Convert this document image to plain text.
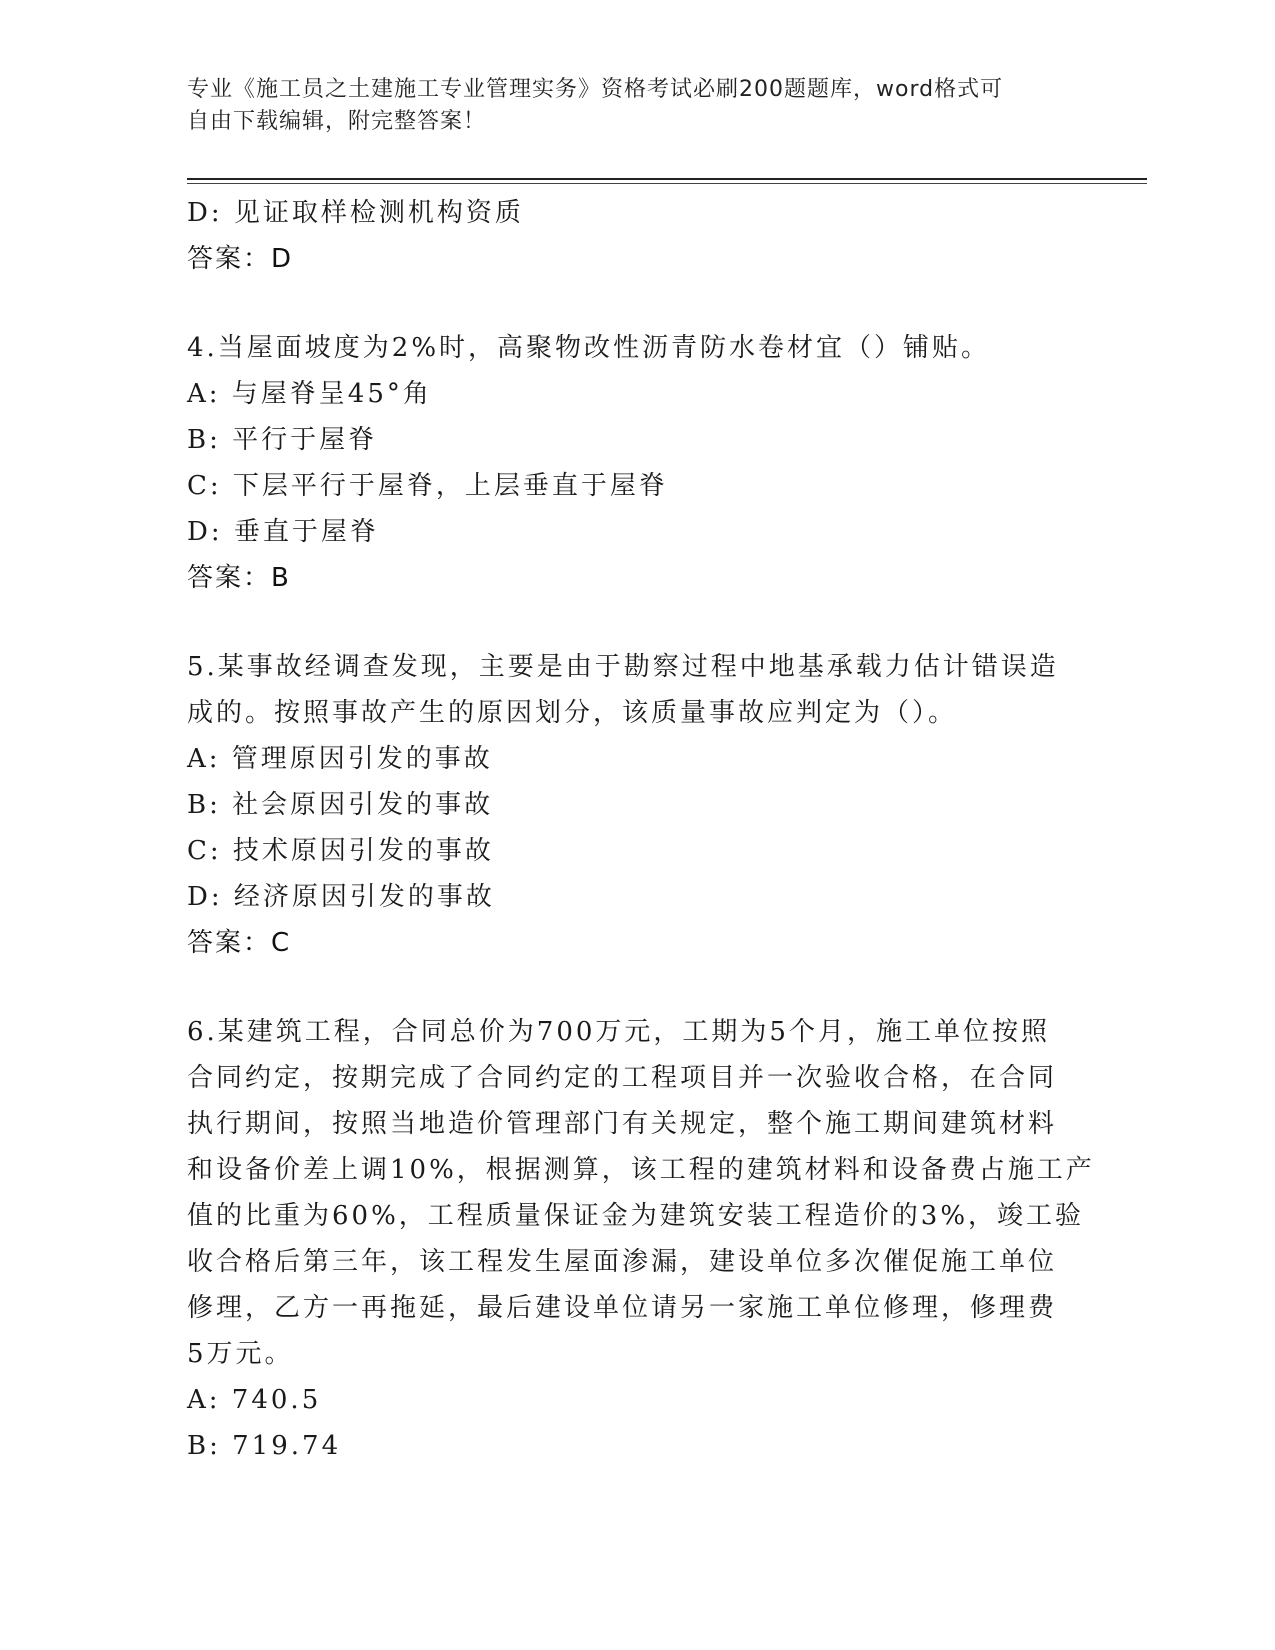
专业《施工员之土建施工专业管理实务》资格考试必刷200题题库，word格式可
自由下载编辑，附完整答案！
D: 见证取样检测机构资质
答案：D
4.当屋面坡度为2%时，高聚物改性沥青防水卷材宜（）铺贴。
A: 与屋脊呈45°角
B: 平行于屋脊
C: 下层平行于屋脊，上层垂直于屋脊
D: 垂直于屋脊
答案：B
5.某事故经调查发现，主要是由于勘察过程中地基承载力估计错误造
成的。按照事故产生的原因划分，该质量事故应判定为（）。
A: 管理原因引发的事故
B: 社会原因引发的事故
C: 技术原因引发的事故
D: 经济原因引发的事故
答案：C
6.某建筑工程，合同总价为700万元，工期为5个月，施工单位按照
合同约定，按期完成了合同约定的工程项目并一次验收合格，在合同
执行期间，按照当地造价管理部门有关规定，整个施工期间建筑材料
和设备价差上调10%，根据测算，该工程的建筑材料和设备费占施工产
值的比重为60%，工程质量保证金为建筑安装工程造价的3%，竣工验
收合格后第三年，该工程发生屋面渗漏，建设单位多次催促施工单位
修理，乙方一再拖延，最后建设单位请另一家施工单位修理，修理费
5万元。
A: 740.5
B: 719.74
